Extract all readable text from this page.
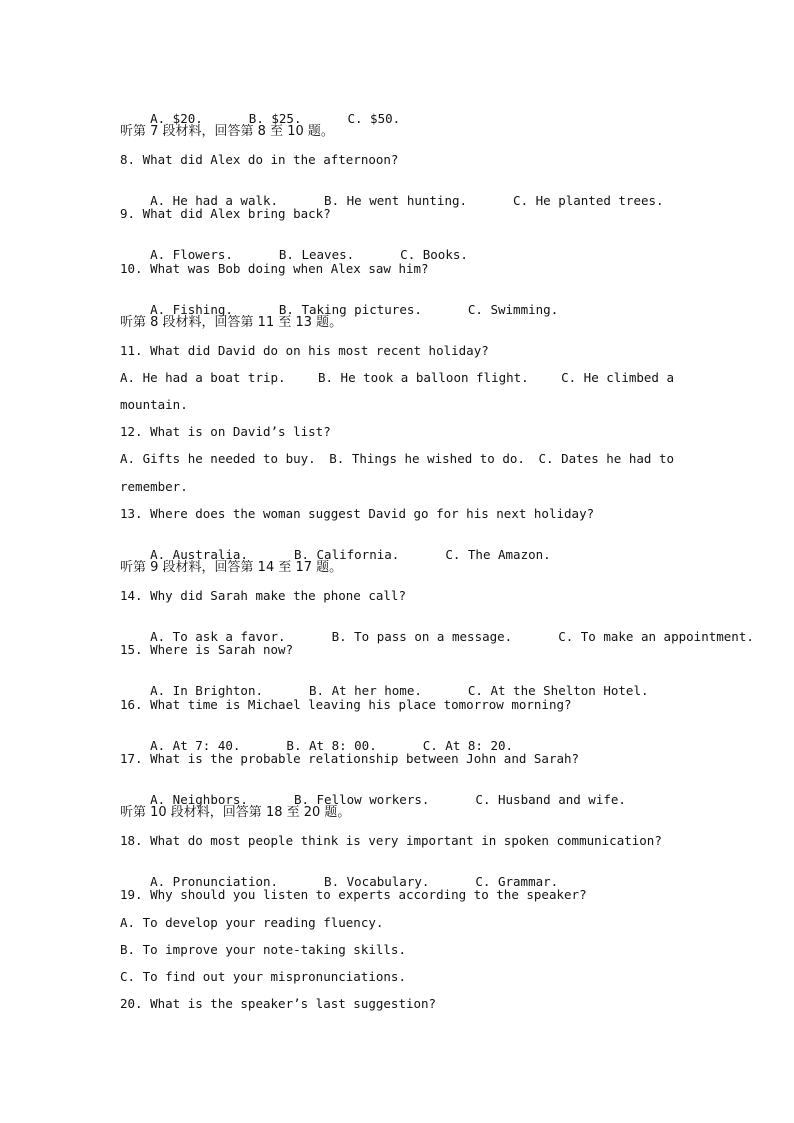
A. $20.	B. $25.	C. $50.

听第 7 段材料，回答第 8 至 10 题。
8. What did Alex do in the afternoon?

A. He had a walk.	B. He went hunting.	C. He planted trees.

9. What did Alex bring back?

A. Flowers.	B. Leaves.	C. Books.

10. What was Bob doing when Alex saw him?

A. Fishing.	B. Taking pictures.	C. Swimming.

听第 8 段材料，回答第 11 至 13 题。
11. What did David do on his most recent holiday?
A. He had a boat trip.	B. He took a balloon flight.	C. He climbed a
mountain.
12. What is on David’s list?
A. Gifts he needed to buy. B. Things he wished to do. C. Dates he had to
remember.
13. Where does the woman suggest David go for his next holiday?

A. Australia.	B. California.	C. The Amazon.

听第 9 段材料，回答第 14 至 17 题。
14. Why did Sarah make the phone call?

A. To ask a favor.	B. To pass on a message.	C. To make an appointment.

15. Where is Sarah now?

A. In Brighton.	B. At her home.	C. At the Shelton Hotel.

16. What time is Michael leaving his place tomorrow morning?

A. At 7: 40.	B. At 8: 00.	C. At 8: 20.

17. What is the probable relationship between John and Sarah?

A. Neighbors.	B. Fellow workers.	C. Husband and wife.

听第 10 段材料，回答第 18 至 20 题。
18. What do most people think is very important in spoken communication?

A. Pronunciation.	B. Vocabulary.	C. Grammar.

19. Why should you listen to experts according to the speaker?
A. To develop your reading fluency.
B. To improve your note-taking skills.
C. To find out your mispronunciations.
20. What is the speaker’s last suggestion?
